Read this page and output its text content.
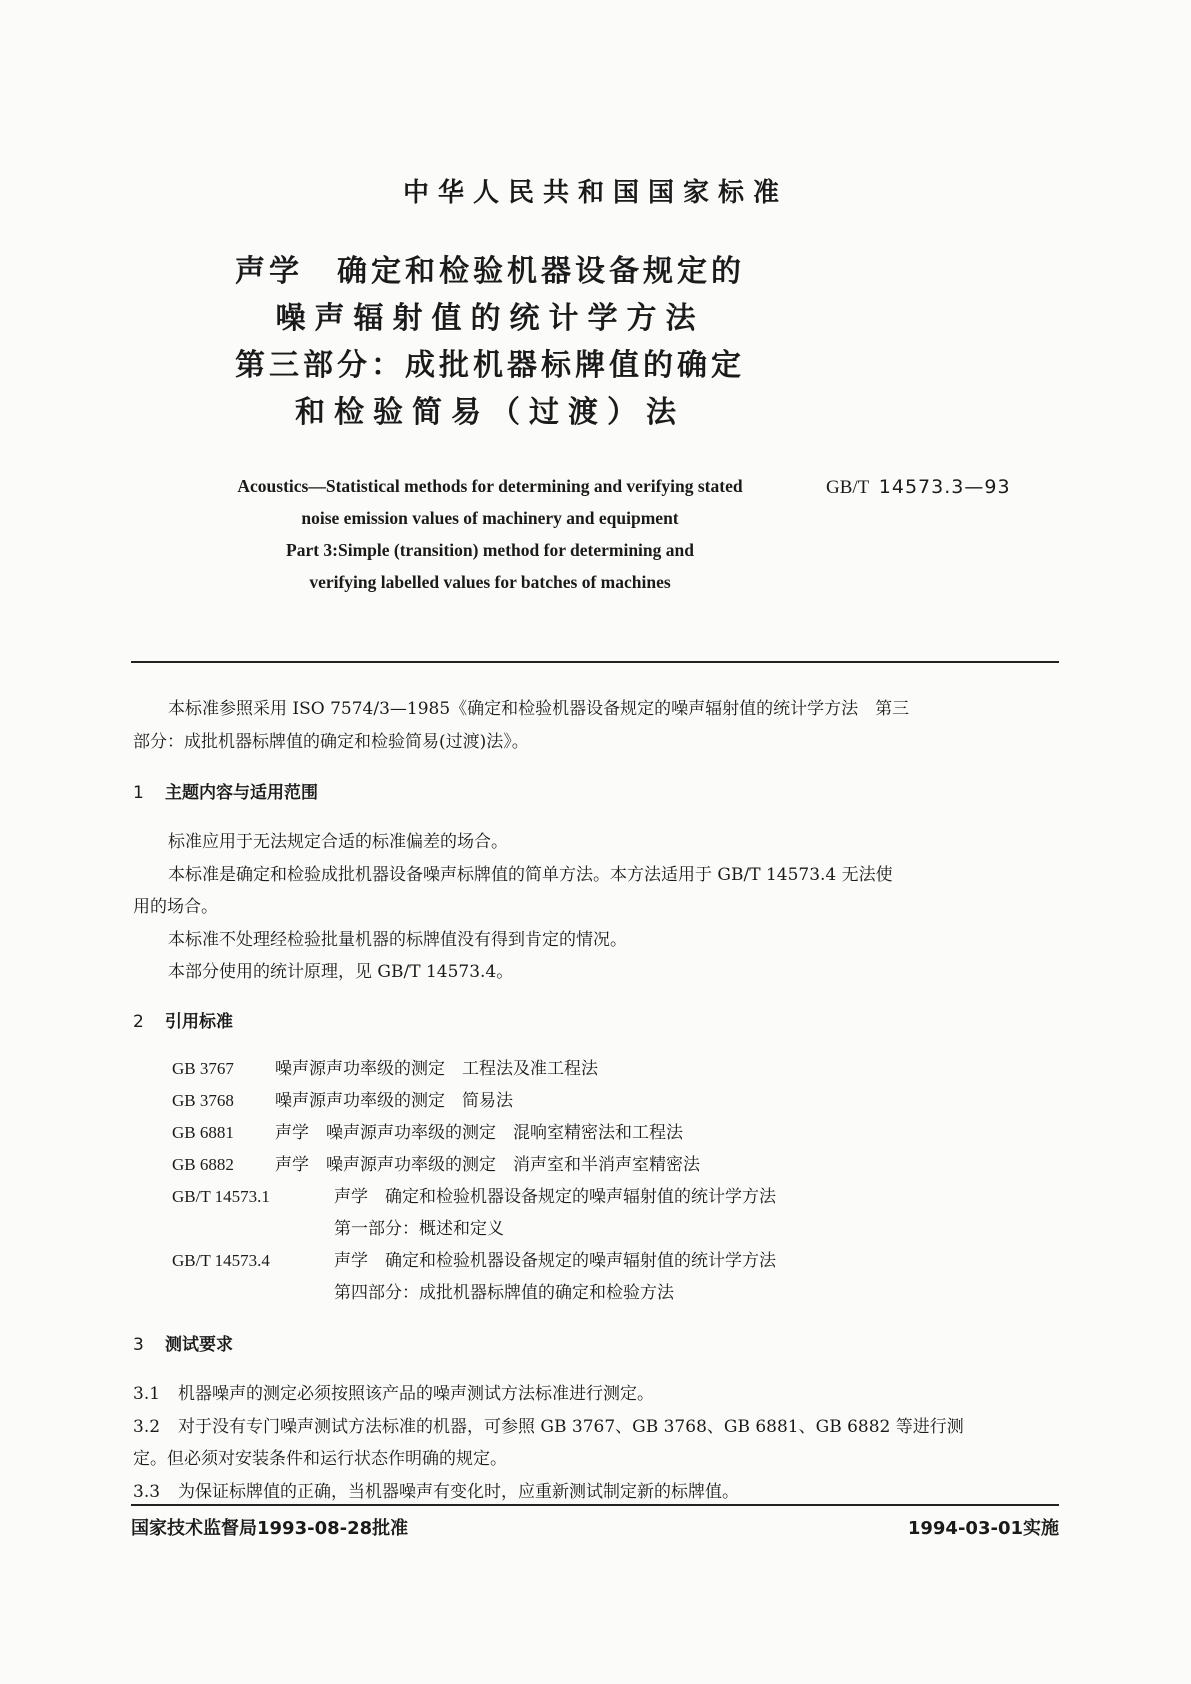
中华人民共和国国家标准
声学　确定和检验机器设备规定的
噪声辐射值的统计学方法
第三部分：成批机器标牌值的确定
和检验简易（过渡）法
Acoustics—Statistical methods for determining and verifying stated
noise emission values of machinery and equipment
Part 3:Simple (transition) method for determining and
verifying labelled values for batches of machines
GB/T 14573.3—93
本标准参照采用 ISO 7574/3—1985《确定和检验机器设备规定的噪声辐射值的统计学方法　第三
部分：成批机器标牌值的确定和检验简易(过渡)法》。
1 主题内容与适用范围
标准应用于无法规定合适的标准偏差的场合。
本标准是确定和检验成批机器设备噪声标牌值的简单方法。本方法适用于 GB/T 14573.4 无法使
用的场合。
本标准不处理经检验批量机器的标牌值没有得到肯定的情况。
本部分使用的统计原理，见 GB/T 14573.4。
2 引用标准
GB 3767 噪声源声功率级的测定　工程法及准工程法
GB 3768 噪声源声功率级的测定　简易法
GB 6881 声学　噪声源声功率级的测定　混响室精密法和工程法
GB 6882 声学　噪声源声功率级的测定　消声室和半消声室精密法
GB/T 14573.1	声学　确定和检验机器设备规定的噪声辐射值的统计学方法
第一部分：概述和定义
GB/T 14573.4	声学　确定和检验机器设备规定的噪声辐射值的统计学方法
第四部分：成批机器标牌值的确定和检验方法
3 测试要求
3.1 机器噪声的测定必须按照该产品的噪声测试方法标准进行测定。
3.2 对于没有专门噪声测试方法标准的机器，可参照 GB 3767、GB 3768、GB 6881、GB 6882 等进行测
定。但必须对安装条件和运行状态作明确的规定。
3.3 为保证标牌值的正确，当机器噪声有变化时，应重新测试制定新的标牌值。
国家技术监督局1993-08-28批准	1994-03-01实施
